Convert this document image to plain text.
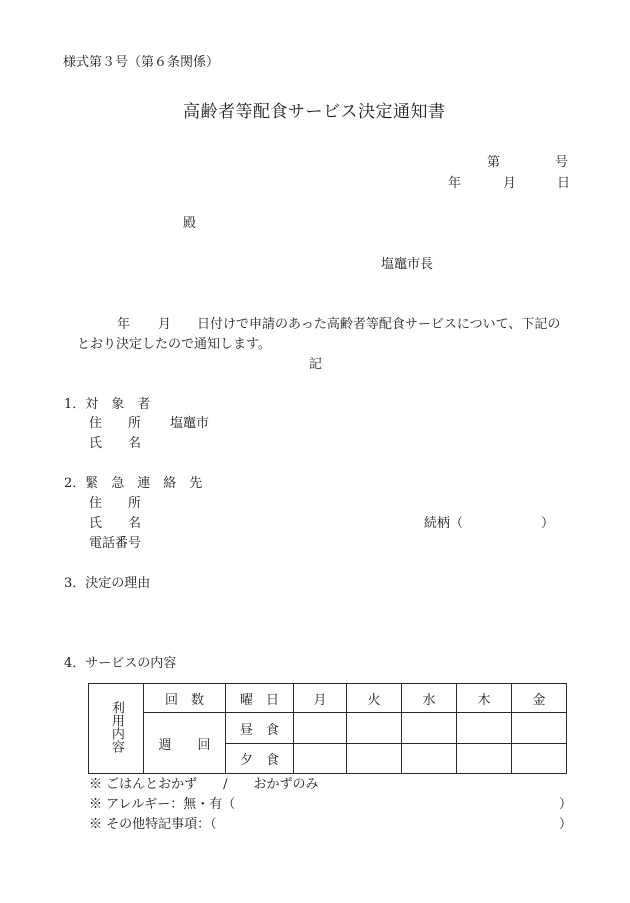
様式第３号（第６条関係）
高齢者等配食サービス決定通知書
第	号
年	月	日
殿
塩竈市長
年 月 日付けで申請のあった高齢者等配食サービスについて、下記の
とおり決定したので通知します。
記
1．対　象　者
住　　所 塩竈市
氏　　名
2．緊　急　連　絡　先
住　　所
氏　　名	続柄（　　　　　　）
電話番号
3．決定の理由
4．サービスの内容
利用内容	回　数	曜　日	月	火	水	木	金
	週　　回	昼　食					
		夕　食					
※ ごはんとおかず　　/　　おかずのみ
※ アレルギー：無・有（	）
※ その他特記事項：（	）
